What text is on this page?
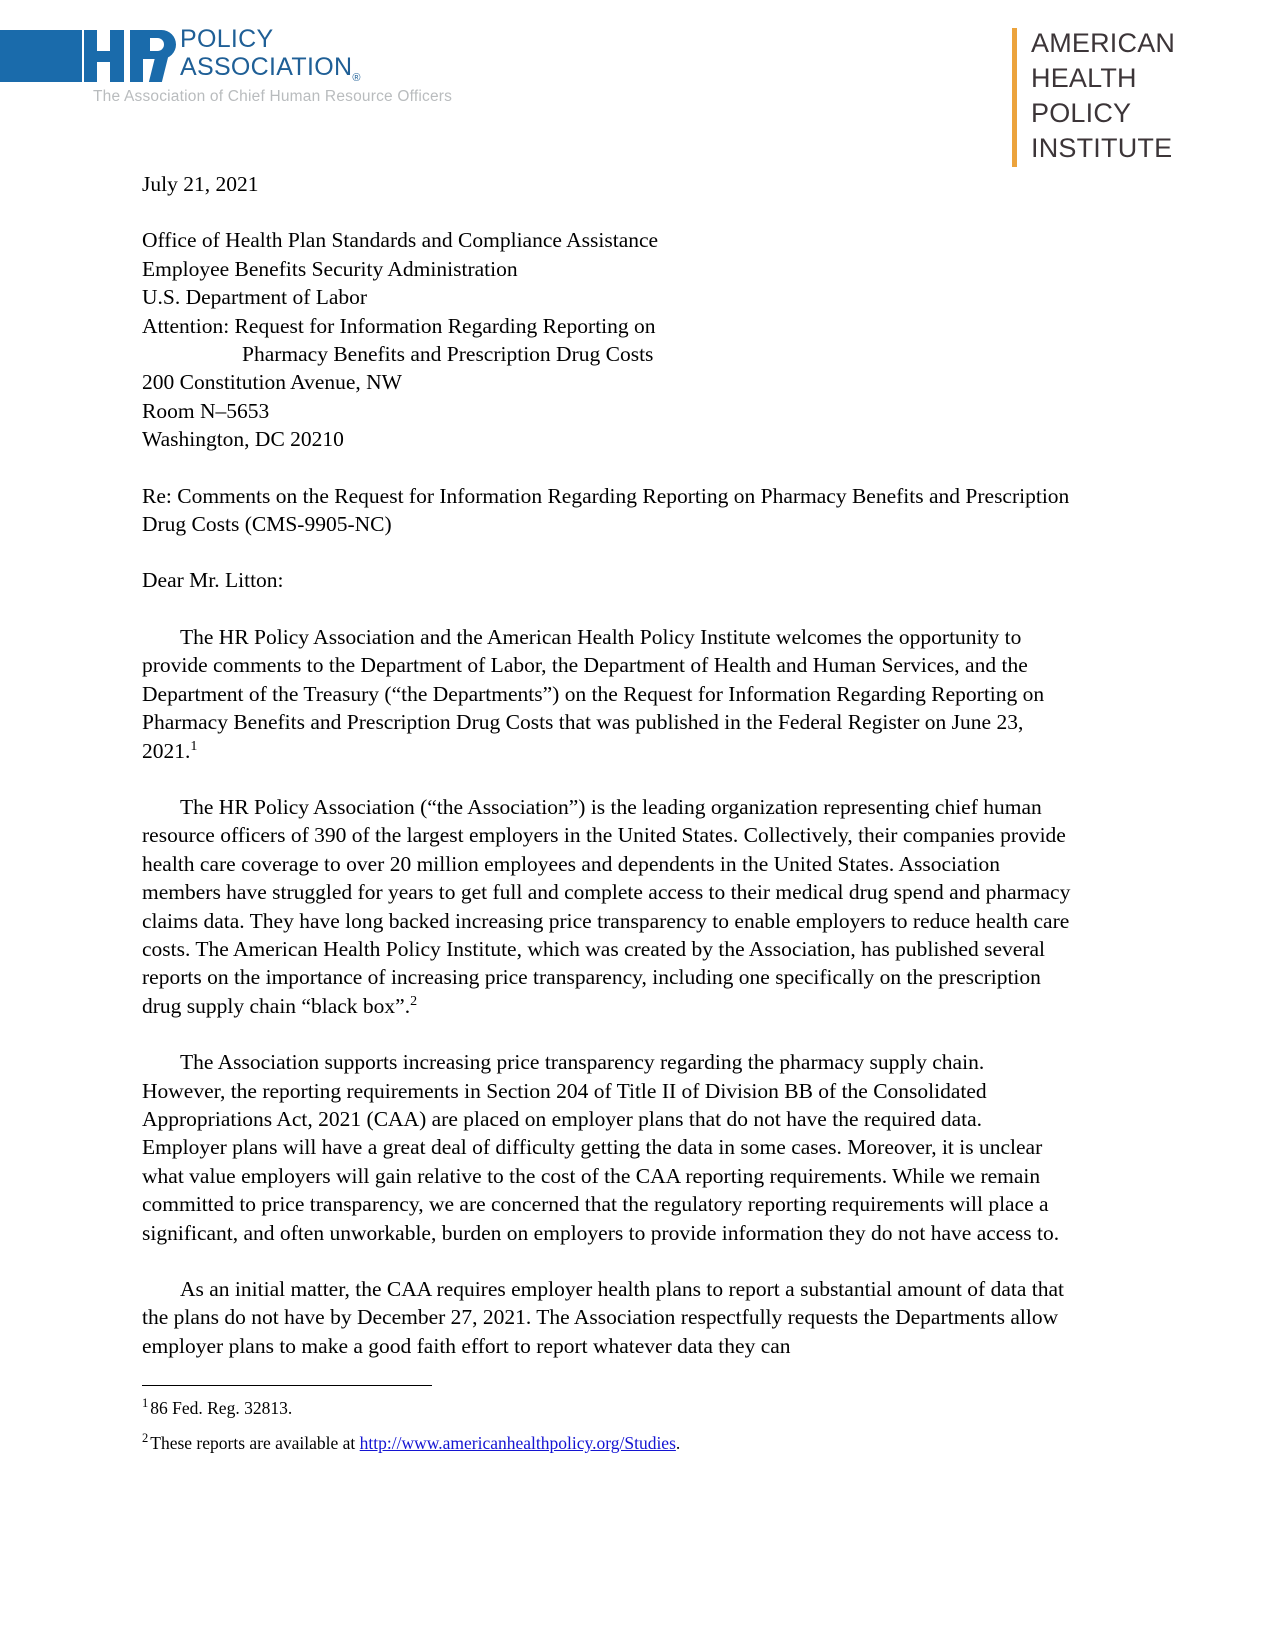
POLICY
$ASSOCIATION_®$
The Association of Chief Human Resource Officers
AMERICAN
HEALTH
POLICY
INSTITUTE
July 21, 2021
Office of Health Plan Standards and Compliance Assistance
Employee Benefits Security Administration
U.S. Department of Labor
Attention: Request for Information Regarding Reporting on
Pharmacy Benefits and Prescription Drug Costs
200 Constitution Avenue, NW
Room N–5653
Washington, DC 20210
Re: Comments on the Request for Information Regarding Reporting on Pharmacy Benefits and Prescription Drug Costs (CMS-9905-NC)
Dear Mr. Litton:

The HR Policy Association and the American Health Policy Institute welcomes the opportunity to provide comments to the Department of Labor, the Department of Health and Human Services, and the Department of the Treasury (“the Departments”) on the Request for Information Regarding Reporting on Pharmacy Benefits and Prescription Drug Costs that was published in the Federal Register on June 23, 2021.$^1$

The HR Policy Association (“the Association”) is the leading organization representing chief human resource officers of 390 of the largest employers in the United States. Collectively, their companies provide health care coverage to over 20 million employees and dependents in the United States. Association members have struggled for years to get full and complete access to their medical drug spend and pharmacy claims data. They have long backed increasing price transparency to enable employers to reduce health care costs. The American Health Policy Institute, which was created by the Association, has published several reports on the importance of increasing price transparency, including one specifically on the prescription drug supply chain “black box”.$^2$

The Association supports increasing price transparency regarding the pharmacy supply chain. However, the reporting requirements in Section 204 of Title II of Division BB of the Consolidated Appropriations Act, 2021 (CAA) are placed on employer plans that do not have the required data. Employer plans will have a great deal of difficulty getting the data in some cases. Moreover, it is unclear what value employers will gain relative to the cost of the CAA reporting requirements. While we remain committed to price transparency, we are concerned that the regulatory reporting requirements will place a significant, and often unworkable, burden on employers to provide information they do not have access to.

As an initial matter, the CAA requires employer health plans to report a substantial amount of data that the plans do not have by December 27, 2021. The Association respectfully requests the Departments allow employer plans to make a good faith effort to report whatever data they can

$^1$ 86 Fed. Reg. 32813.
$^2$ These reports are available at http://www.americanhealthpolicy.org/Studies.
